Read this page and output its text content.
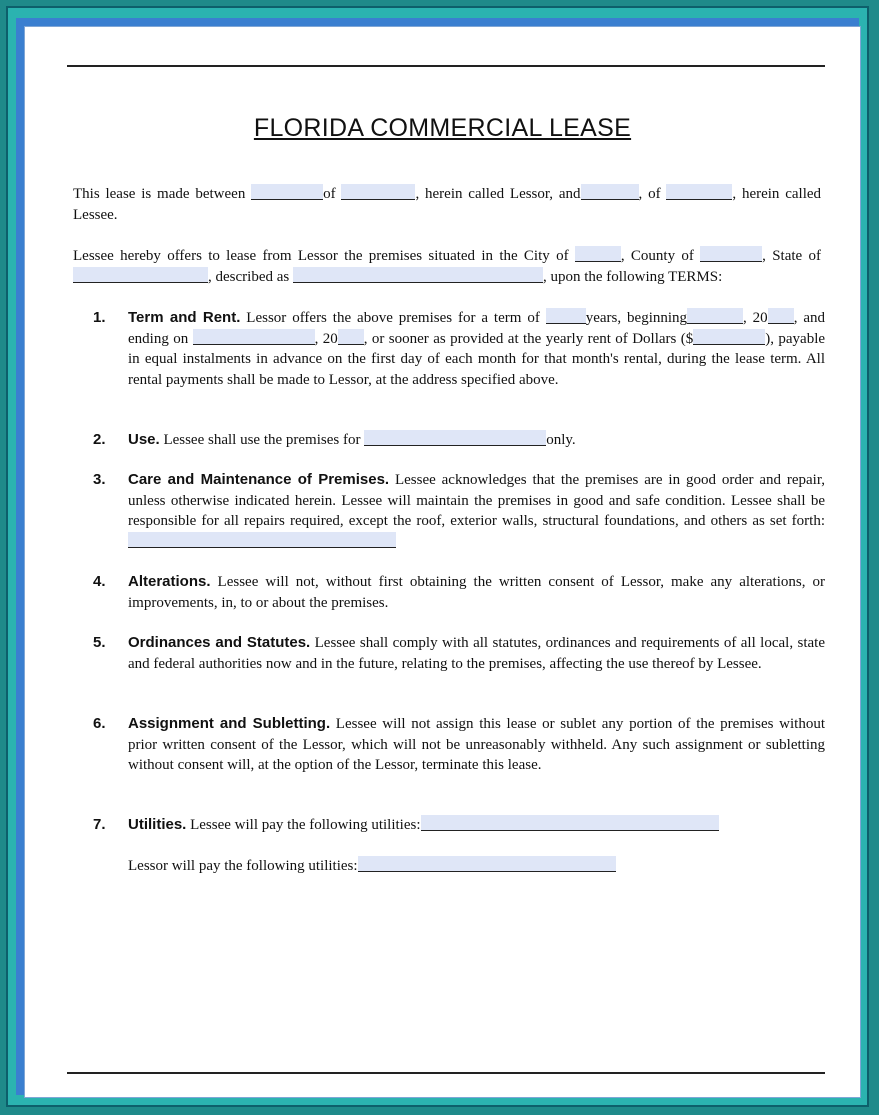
FLORIDA COMMERCIAL LEASE
This lease is made between	of	, herein called Lessor, and	, of	, herein called Lessee.
Lessee hereby offers to lease from Lessor the premises situated in the City of	, County of	, State of , described as	, upon the following TERMS:
1. Term and Rent. Lessor offers the above premises for a term of	years, beginning	, 20 , and ending on	, 20 , or sooner as provided at the yearly rent of Dollars ($	), payable in equal instalments in advance on the first day of each month for that month's rental, during the lease term. All rental payments shall be made to Lessor, at the address specified above.
2. Use. Lessee shall use the premises for	only.
3. Care and Maintenance of Premises. Lessee acknowledges that the premises are in good order and repair, unless otherwise indicated herein. Lessee will maintain the premises in good and safe condition. Lessee shall be responsible for all repairs required, except the roof, exterior walls, structural foundations, and others as set forth:
4. Alterations. Lessee will not, without first obtaining the written consent of Lessor, make any alterations, or improvements, in, to or about the premises.
5. Ordinances and Statutes. Lessee shall comply with all statutes, ordinances and requirements of all local, state and federal authorities now and in the future, relating to the premises, affecting the use thereof by Lessee.
6. Assignment and Subletting. Lessee will not assign this lease or sublet any portion of the premises without prior written consent of the Lessor, which will not be unreasonably withheld. Any such assignment or subletting without consent will, at the option of the Lessor, terminate this lease.
7. Utilities. Lessee will pay the following utilities:
Lessor will pay the following utilities:
